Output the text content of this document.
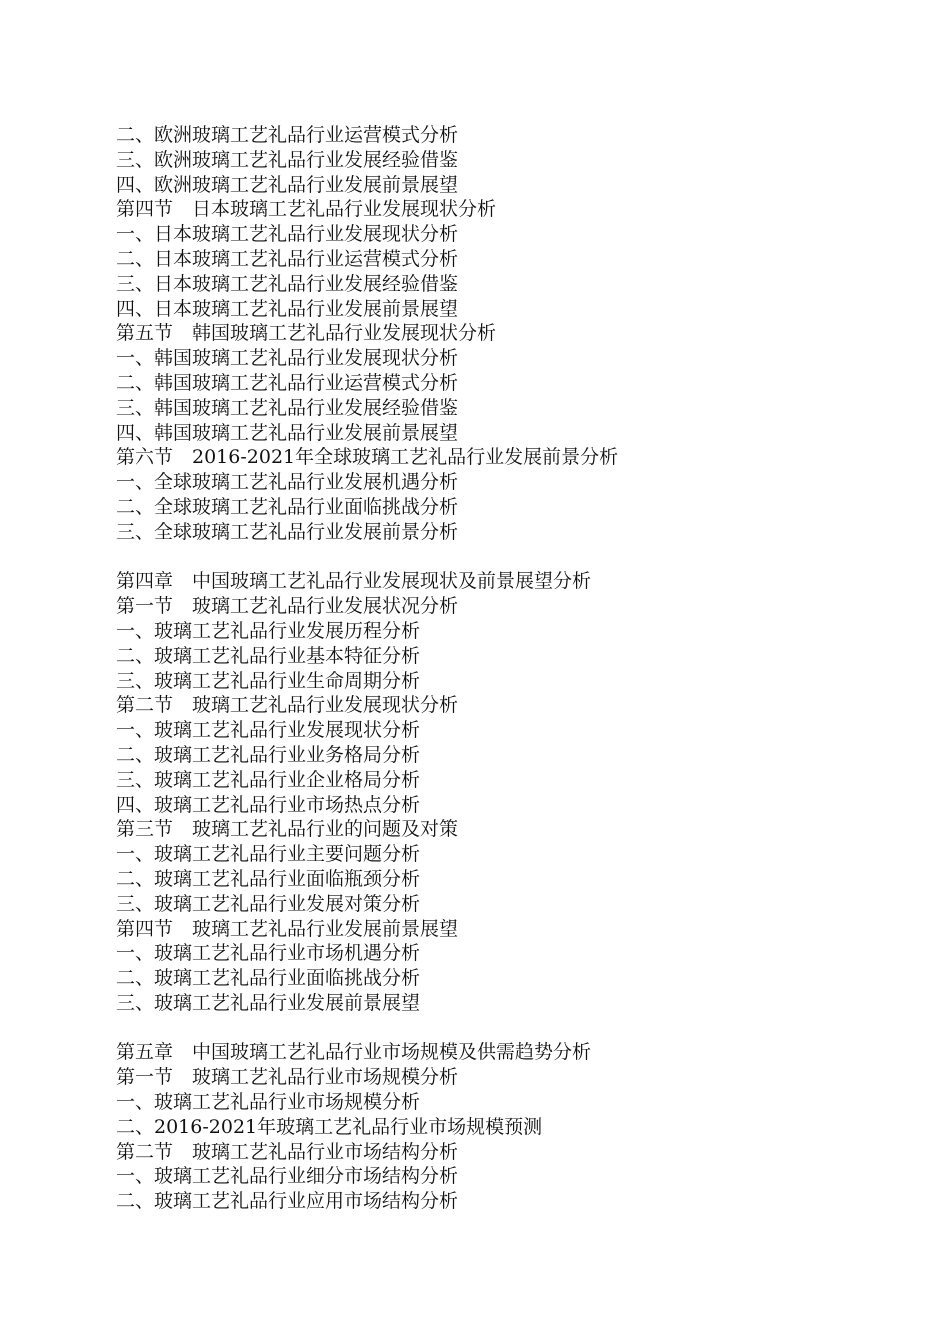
二、欧洲玻璃工艺礼品行业运营模式分析
三、欧洲玻璃工艺礼品行业发展经验借鉴
四、欧洲玻璃工艺礼品行业发展前景展望
第四节　日本玻璃工艺礼品行业发展现状分析
一、日本玻璃工艺礼品行业发展现状分析
二、日本玻璃工艺礼品行业运营模式分析
三、日本玻璃工艺礼品行业发展经验借鉴
四、日本玻璃工艺礼品行业发展前景展望
第五节　韩国玻璃工艺礼品行业发展现状分析
一、韩国玻璃工艺礼品行业发展现状分析
二、韩国玻璃工艺礼品行业运营模式分析
三、韩国玻璃工艺礼品行业发展经验借鉴
四、韩国玻璃工艺礼品行业发展前景展望
第六节　2016-2021年全球玻璃工艺礼品行业发展前景分析
一、全球玻璃工艺礼品行业发展机遇分析
二、全球玻璃工艺礼品行业面临挑战分析
三、全球玻璃工艺礼品行业发展前景分析
第四章　中国玻璃工艺礼品行业发展现状及前景展望分析
第一节　玻璃工艺礼品行业发展状况分析
一、玻璃工艺礼品行业发展历程分析
二、玻璃工艺礼品行业基本特征分析
三、玻璃工艺礼品行业生命周期分析
第二节　玻璃工艺礼品行业发展现状分析
一、玻璃工艺礼品行业发展现状分析
二、玻璃工艺礼品行业业务格局分析
三、玻璃工艺礼品行业企业格局分析
四、玻璃工艺礼品行业市场热点分析
第三节　玻璃工艺礼品行业的问题及对策
一、玻璃工艺礼品行业主要问题分析
二、玻璃工艺礼品行业面临瓶颈分析
三、玻璃工艺礼品行业发展对策分析
第四节　玻璃工艺礼品行业发展前景展望
一、玻璃工艺礼品行业市场机遇分析
二、玻璃工艺礼品行业面临挑战分析
三、玻璃工艺礼品行业发展前景展望
第五章　中国玻璃工艺礼品行业市场规模及供需趋势分析
第一节　玻璃工艺礼品行业市场规模分析
一、玻璃工艺礼品行业市场规模分析
二、2016-2021年玻璃工艺礼品行业市场规模预测
第二节　玻璃工艺礼品行业市场结构分析
一、玻璃工艺礼品行业细分市场结构分析
二、玻璃工艺礼品行业应用市场结构分析
